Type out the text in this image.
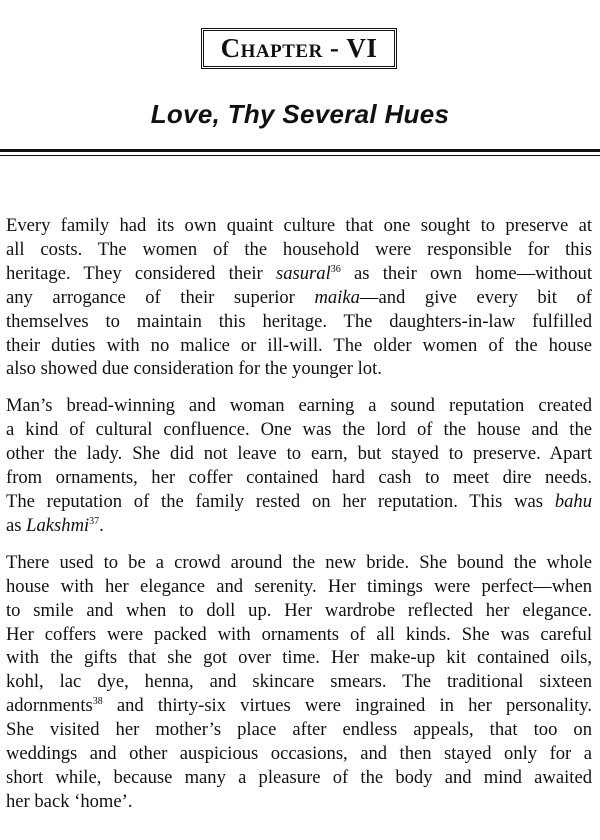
Chapter - VI
Love, Thy Several Hues

Every family had its own quaint culture that one sought to preserve at
all costs. The women of the household were responsible for this
heritage. They considered their sasural$^{36}$ as their own home—without
any arrogance of their superior maika—and give every bit of
themselves to maintain this heritage. The daughters-in-law fulfilled
their duties with no malice or ill-will. The older women of the house
also showed due consideration for the younger lot.

Man’s bread-winning and woman earning a sound reputation created
a kind of cultural confluence. One was the lord of the house and the
other the lady. She did not leave to earn, but stayed to preserve. Apart
from ornaments, her coffer contained hard cash to meet dire needs.
The reputation of the family rested on her reputation. This was bahu
as Lakshmi$^{37}$.

There used to be a crowd around the new bride. She bound the whole
house with her elegance and serenity. Her timings were perfect—when
to smile and when to doll up. Her wardrobe reflected her elegance.
Her coffers were packed with ornaments of all kinds. She was careful
with the gifts that she got over time. Her make-up kit contained oils,
kohl, lac dye, henna, and skincare smears. The traditional sixteen
adornments$^{38}$ and thirty-six virtues were ingrained in her personality.
She visited her mother’s place after endless appeals, that too on
weddings and other auspicious occasions, and then stayed only for a
short while, because many a pleasure of the body and mind awaited
her back ‘home’.
